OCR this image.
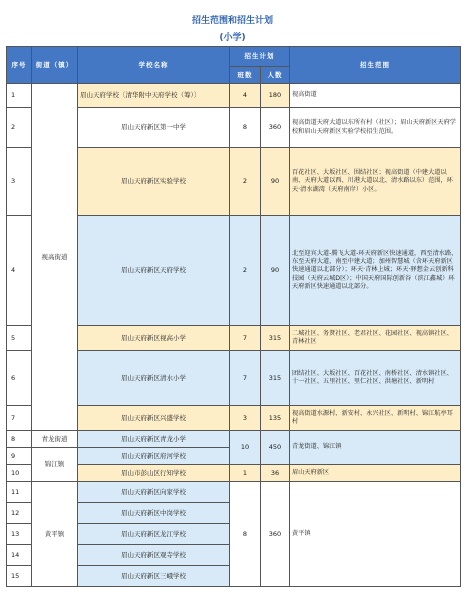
招生范围和招生计划
(小学)
序号	街道（镇）	学校名称	招生计划		招生范围
			班数	人数	
1	视高街道	眉山天府学校〔清华附中天府学校（筹）〕	4	180	视高街道
2		眉山天府新区第一中学	8	360	视高街道天府大道以东所有村（社区）；眉山天府新区天府学校和眉山天府新区实验学校招生范围。
3		眉山天府新区实验学校	2	90	百花社区、大坂社区、围结社区；视高街道（中建大道以南、天府大道以西、川港大道以北、清水路以东）范围，环天·清水湖湾（天府南岸）小区。
4		眉山天府新区天府学校	2	90	北至迎宾大道-腾飞大道-环天府新区快速通道，西至清水路，东至天府大道，南至中建大道；加州智慧城（含环天府新区快速通道以北部分）；环天·青林上城；环天·驿想金云创新科技园（天府云城D区）；中国天府国际创新谷（滨江鑫城）环天府新区快速通道以北部分。
5		眉山天府新区视高小学	7	315	二城社区、务贤社区、老君社区、花园社区、视高镇社区、青林社区
6		眉山天府新区清水小学	7	315	团结社区、大坂社区、百花社区、南桥社区、清水镇社区、十一社区、五里社区、里仁社区、洪塘社区、新明村
7		眉山天府新区兴盛学校	3	135	视高街道水源村、新安村、永兴社区、新明村、锦江航亭耳村
8	青龙街道	眉山天府新区青龙小学	10	450	青龙街道、锦江镇
9	锦江镇	眉山天府新区府河学校			
10		眉山市彭山区行知学校	1	36	眉山天府新区
11	黄平镇	眉山天府新区向家学校	8	360	黄平镇
12		眉山天府新区中岗学校			
13		眉山天府新区龙江学校			
14		眉山天府新区观寺学校			
15		眉山天府新区三峨学校			
